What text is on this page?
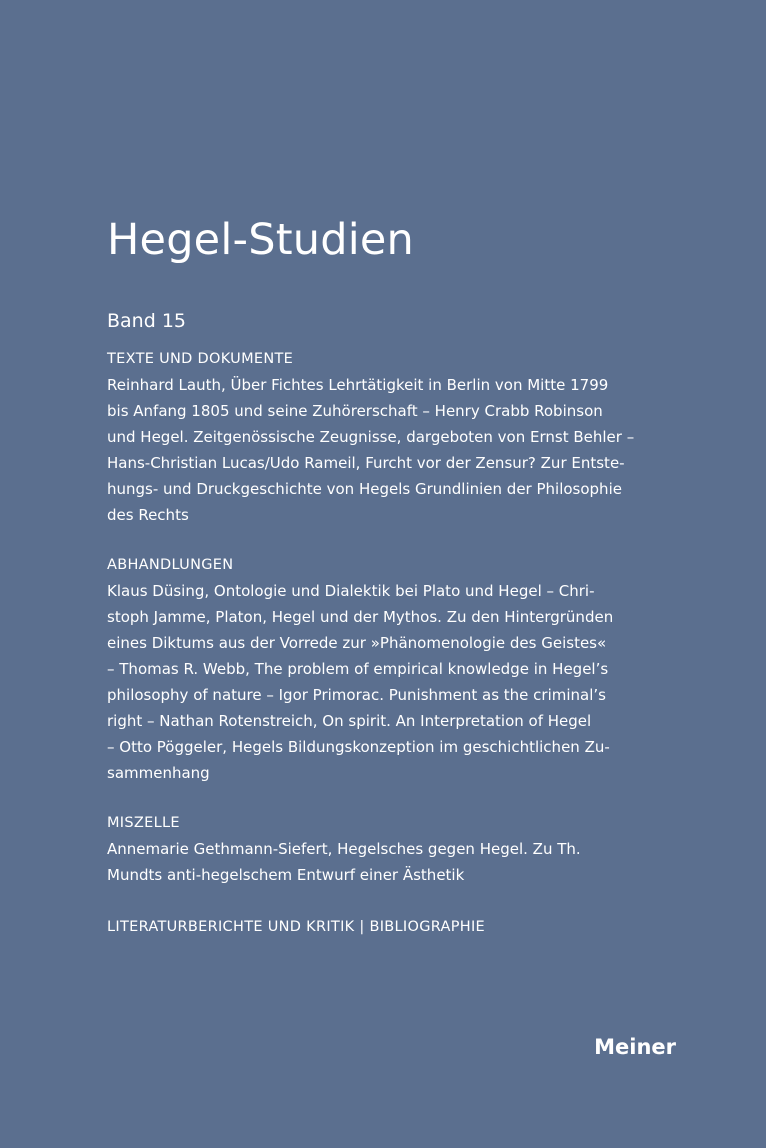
Hegel-Studien
Band 15
TEXTE UND DOKUMENTE

Reinhard Lauth, Über Fichtes Lehrtätigkeit in Berlin von Mitte 1799

bis Anfang 1805 und seine Zuhörerschaft – Henry Crabb Robinson

und Hegel. Zeitgenössische Zeugnisse, dargeboten von Ernst Behler –

Hans-Christian Lucas/Udo Rameil, Furcht vor der Zensur? Zur Entste-

hungs- und Druckgeschichte von Hegels Grundlinien der Philosophie

des Rechts

ABHANDLUNGEN

Klaus Düsing, Ontologie und Dialektik bei Plato und Hegel – Chri-

stoph Jamme, Platon, Hegel und der Mythos. Zu den Hintergründen

eines Diktums aus der Vorrede zur »Phänomenologie des Geistes«

– Thomas R. Webb, The problem of empirical knowledge in Hegel’s

philosophy of nature – Igor Primorac. Punishment as the criminal’s

right – Nathan Rotenstreich, On spirit. An Interpretation of Hegel

– Otto Pöggeler, Hegels Bildungskonzeption im geschichtlichen Zu-

sammenhang

MISZELLE

Annemarie Gethmann-Siefert, Hegelsches gegen Hegel. Zu Th.

Mundts anti-hegelschem Entwurf einer Ästhetik

LITERATURBERICHTE UND KRITIK | BIBLIOGRAPHIE
Meiner
